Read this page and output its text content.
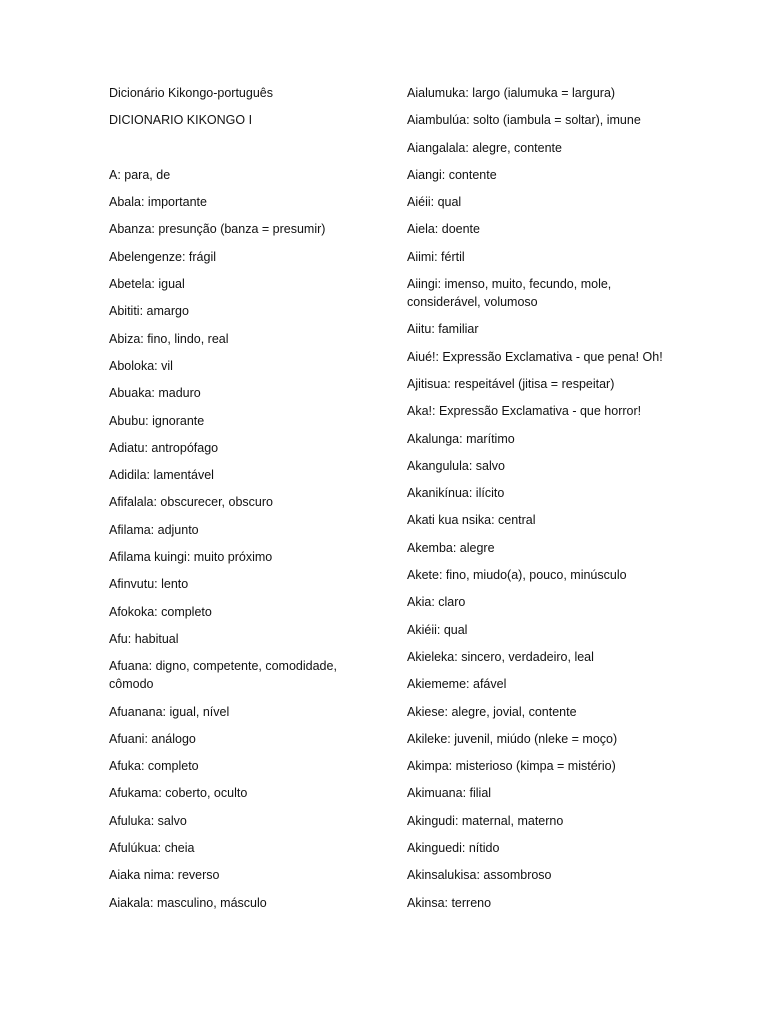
Dicionário Kikongo-português
DICIONARIO KIKONGO I
A: para, de
Abala: importante
Abanza: presunção (banza = presumir)
Abelengenze: frágil
Abetela: igual
Abititi: amargo
Abiza: fino, lindo, real
Aboloka: vil
Abuaka: maduro
Abubu: ignorante
Adiatu: antropófago
Adidila: lamentável
Afifalala: obscurecer, obscuro
Afilama: adjunto
Afilama kuingi: muito próximo
Afinvutu: lento
Afokoka: completo
Afu: habitual
Afuana: digno, competente, comodidade, cômodo
Afuanana: igual, nível
Afuani: análogo
Afuka: completo
Afukama: coberto, oculto
Afuluka: salvo
Afulúkua: cheia
Aiaka nima: reverso
Aiakala: masculino, másculo
Aialumuka: largo (ialumuka = largura)
Aiambulúa: solto (iambula = soltar), imune
Aiangalala: alegre, contente
Aiangi: contente
Aiéii: qual
Aiela: doente
Aiimi: fértil
Aiingi: imenso, muito, fecundo, mole, considerável, volumoso
Aiitu: familiar
Aiué!: Expressão Exclamativa - que pena! Oh!
Ajitisua: respeitável (jitisa = respeitar)
Aka!: Expressão Exclamativa - que horror!
Akalunga: marítimo
Akangulula: salvo
Akanikínua: ilícito
Akati kua nsika: central
Akemba: alegre
Akete: fino, miudo(a), pouco, minúsculo
Akia: claro
Akiéii: qual
Akieleka: sincero, verdadeiro, leal
Akiememe: afável
Akiese: alegre, jovial, contente
Akileke: juvenil, miúdo (nleke = moço)
Akimpa: misterioso (kimpa = mistério)
Akimuana: filial
Akingudi: maternal, materno
Akinguedi: nítido
Akinsalukisa: assombroso
Akinsa: terreno
